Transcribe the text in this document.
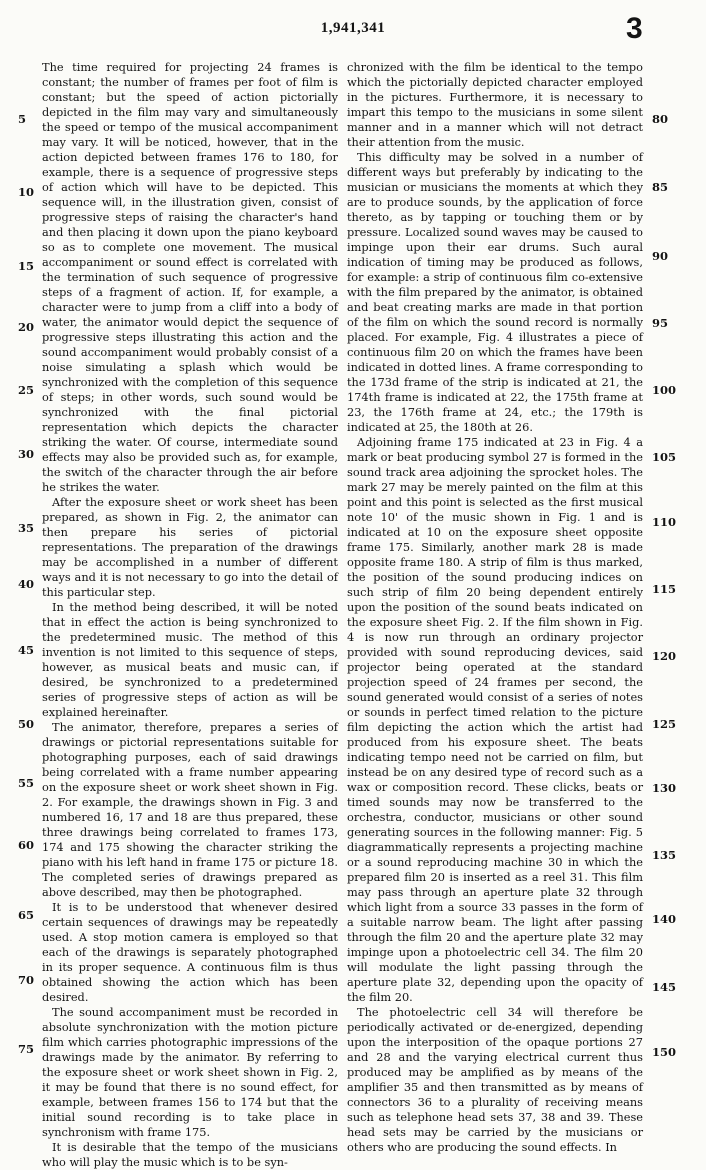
1,941,341	3

The time required for projecting 24 frames is constant; the number of frames per foot of film is constant; but the speed of action pictorially depicted in the film may vary and simultaneously the speed or tempo of the musical accompaniment may vary. It will be noticed, however, that in the action depicted between frames 176 to 180, for example, there is a sequence of progressive steps of action which will have to be depicted. This sequence will, in the illustration given, consist of progressive steps of raising the character's hand and then placing it down upon the piano keyboard so as to complete one movement. The musical accompaniment or sound effect is correlated with the termination of such sequence of progressive steps of a fragment of action. If, for example, a character were to jump from a cliff into a body of water, the animator would depict the sequence of progressive steps illustrating this action and the sound accompaniment would probably consist of a noise simulating a splash which would be synchronized with the completion of this sequence of steps; in other words, such sound would be synchronized with the final pictorial representation which depicts the character striking the water. Of course, intermediate sound effects may also be provided such as, for example, the switch of the character through the air before he strikes the water.

After the exposure sheet or work sheet has been prepared, as shown in Fig. 2, the animator can then prepare his series of pictorial representations. The preparation of the drawings may be accomplished in a number of different ways and it is not necessary to go into the detail of this particular step.

In the method being described, it will be noted that in effect the action is being synchronized to the predetermined music. The method of this invention is not limited to this sequence of steps, however, as musical beats and music can, if desired, be synchronized to a predetermined series of progressive steps of action as will be explained hereinafter.

The animator, therefore, prepares a series of drawings or pictorial representations suitable for photographing purposes, each of said drawings being correlated with a frame number appearing on the exposure sheet or work sheet shown in Fig. 2. For example, the drawings shown in Fig. 3 and numbered 16, 17 and 18 are thus prepared, these three drawings being correlated to frames 173, 174 and 175 showing the character striking the piano with his left hand in frame 175 or picture 18. The completed series of drawings prepared as above described, may then be photographed.

It is to be understood that whenever desired certain sequences of drawings may be repeatedly used. A stop motion camera is employed so that each of the drawings is separately photographed in its proper sequence. A continuous film is thus obtained showing the action which has been desired.

The sound accompaniment must be recorded in absolute synchronization with the motion picture film which carries photographic impressions of the drawings made by the animator. By referring to the exposure sheet or work sheet shown in Fig. 2, it may be found that there is no sound effect, for example, between frames 156 to 174 but that the initial sound recording is to take place in synchronism with frame 175.

It is desirable that the tempo of the musicians who will play the music which is to be syn-

chronized with the film be identical to the tempo which the pictorially depicted character employed in the pictures. Furthermore, it is necessary to impart this tempo to the musicians in some silent manner and in a manner which will not detract their attention from the music.

This difficulty may be solved in a number of different ways but preferably by indicating to the musician or musicians the moments at which they are to produce sounds, by the application of force thereto, as by tapping or touching them or by pressure. Localized sound waves may be caused to impinge upon their ear drums. Such aural indication of timing may be produced as follows, for example: a strip of continuous film co-extensive with the film prepared by the animator, is obtained and beat creating marks are made in that portion of the film on which the sound record is normally placed. For example, Fig. 4 illustrates a piece of continuous film 20 on which the frames have been indicated in dotted lines. A frame corresponding to the 173d frame of the strip is indicated at 21, the 174th frame is indicated at 22, the 175th frame at 23, the 176th frame at 24, etc.; the 179th is indicated at 25, the 180th at 26.

Adjoining frame 175 indicated at 23 in Fig. 4 a mark or beat producing symbol 27 is formed in the sound track area adjoining the sprocket holes. The mark 27 may be merely painted on the film at this point and this point is selected as the first musical note 10' of the music shown in Fig. 1 and is indicated at 10 on the exposure sheet opposite frame 175. Similarly, another mark 28 is made opposite frame 180. A strip of film is thus marked, the position of the sound producing indices on such strip of film 20 being dependent entirely upon the position of the sound beats indicated on the exposure sheet Fig. 2. If the film shown in Fig. 4 is now run through an ordinary projector provided with sound reproducing devices, said projector being operated at the standard projection speed of 24 frames per second, the sound generated would consist of a series of notes or sounds in perfect timed relation to the picture film depicting the action which the artist had produced from his exposure sheet. The beats indicating tempo need not be carried on film, but instead be on any desired type of record such as a wax or composition record. These clicks, beats or timed sounds may now be transferred to the orchestra, conductor, musicians or other sound generating sources in the following manner: Fig. 5 diagrammatically represents a projecting machine or a sound reproducing machine 30 in which the prepared film 20 is inserted as a reel 31. This film may pass through an aperture plate 32 through which light from a source 33 passes in the form of a suitable narrow beam. The light after passing through the film 20 and the aperture plate 32 may impinge upon a photoelectric cell 34. The film 20 will modulate the light passing through the aperture plate 32, depending upon the opacity of the film 20.

The photoelectric cell 34 will therefore be periodically activated or de-energized, depending upon the interposition of the opaque portions 27 and 28 and the varying electrical current thus produced may be amplified as by means of the amplifier 35 and then transmitted as by means of connectors 36 to a plurality of receiving means such as telephone head sets 37, 38 and 39. These head sets may be carried by the musicians or others who are producing the sound effects. In

5
10
15
20
25
30
35
40
45
50
55
60
65
70
75
80
85
90
95
100
105
110
115
120
125
130
135
140
145
150
